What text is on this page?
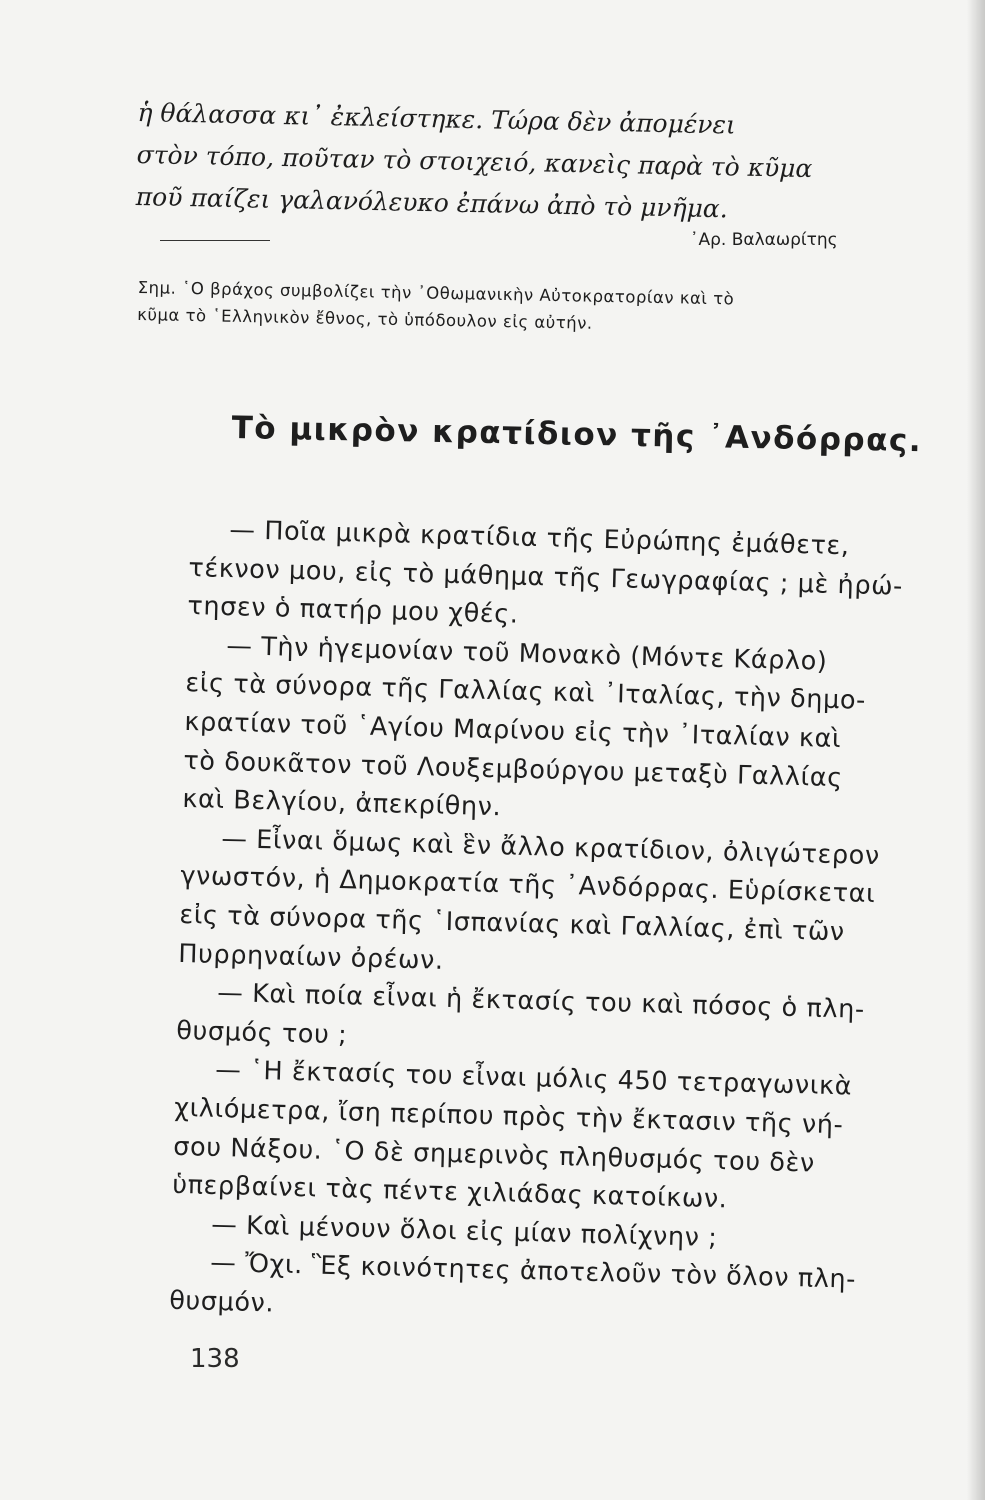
ἡ θάλασσα κι᾽ ἐκλείστηκε. Τώρα δὲν ἀπομένει
στὸν τόπο, ποῦταν τὸ στοιχειό, κανεὶς παρὰ τὸ κῦμα
ποῦ παίζει γαλανόλευκο ἐπάνω ἀπὸ τὸ μνῆμα.
᾽Αρ. Βαλαωρίτης
Σημ. ῾Ο βράχος συμβολίζει τὴν ᾽Οθωμανικὴν Αὐτοκρατορίαν καὶ τὸ
κῦμα τὸ ῾Ελληνικὸν ἔθνος, τὸ ὑπόδουλον εἰς αὐτήν.
Τὸ μικρὸν κρατίδιον τῆς ᾽Ανδόρρας.
— Ποῖα μικρὰ κρατίδια τῆς Εὐρώπης ἐμάθετε,
τέκνον μου, εἰς τὸ μάθημα τῆς Γεωγραφίας ; μὲ ἠρώ-
τησεν ὁ πατήρ μου χθές.
— Τὴν ἡγεμονίαν τοῦ Μονακὸ (Μόντε Κάρλο)
εἰς τὰ σύνορα τῆς Γαλλίας καὶ ᾽Ιταλίας, τὴν δημο-
κρατίαν τοῦ ῾Αγίου Μαρίνου εἰς τὴν ᾽Ιταλίαν καὶ
τὸ δουκᾶτον τοῦ Λουξεμβούργου μεταξὺ Γαλλίας
καὶ Βελγίου, ἀπεκρίθην.
— Εἶναι ὅμως καὶ ἓν ἄλλο κρατίδιον, ὀλιγώτερον
γνωστόν, ἡ Δημοκρατία τῆς ᾽Ανδόρρας. Εὑρίσκεται
εἰς τὰ σύνορα τῆς ῾Ισπανίας καὶ Γαλλίας, ἐπὶ τῶν
Πυρρηναίων ὀρέων.
— Καὶ ποία εἶναι ἡ ἔκτασίς του καὶ πόσος ὁ πλη-
θυσμός του ;
— ῾Η ἔκτασίς του εἶναι μόλις 450 τετραγωνικὰ
χιλιόμετρα, ἴση περίπου πρὸς τὴν ἔκτασιν τῆς νή-
σου Νάξου. ῾Ο δὲ σημερινὸς πληθυσμός του δὲν
ὑπερβαίνει τὰς πέντε χιλιάδας κατοίκων.
— Καὶ μένουν ὅλοι εἰς μίαν πολίχνην ;
— Ὄχι. Ἓξ κοινότητες ἀποτελοῦν τὸν ὅλον πλη-
θυσμόν.
138
